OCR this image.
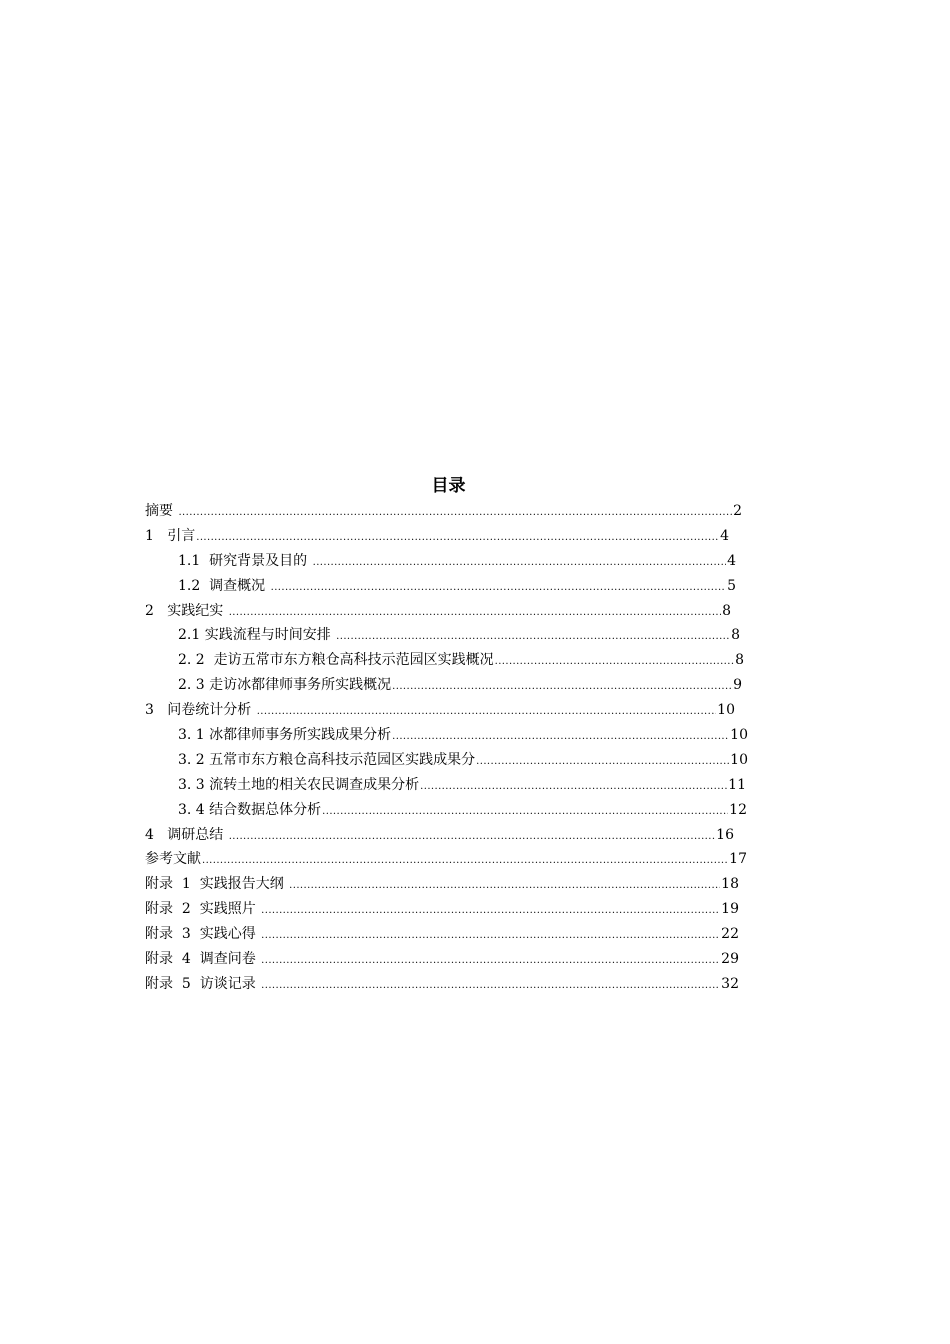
目录
摘要 .....	2
1   引言 .....	4
1.1  研究背景及目的 .....	4
1.2  调查概况 .....	5
2   实践纪实 .....	8
2.1 实践流程与时间安排 .....	8
2. 2  走访五常市东方粮仓高科技示范园区实践概况 .....	8
2. 3 走访冰都律师事务所实践概况 .....	9
3   问卷统计分析 .....	10
3. 1 冰都律师事务所实践成果分析 .....	10
3. 2 五常市东方粮仓高科技示范园区实践成果分 .....	10
3. 3 流转土地的相关农民调查成果分析 .....	11
3. 4 结合数据总体分析 .....	12
4   调研总结 .....	16
参考文献 .....	17
附录  1  实践报告大纲 .....	18
附录  2  实践照片 .....	19
附录  3  实践心得 .....	22
附录  4  调查问卷 .....	29
附录  5  访谈记录 .....	32
